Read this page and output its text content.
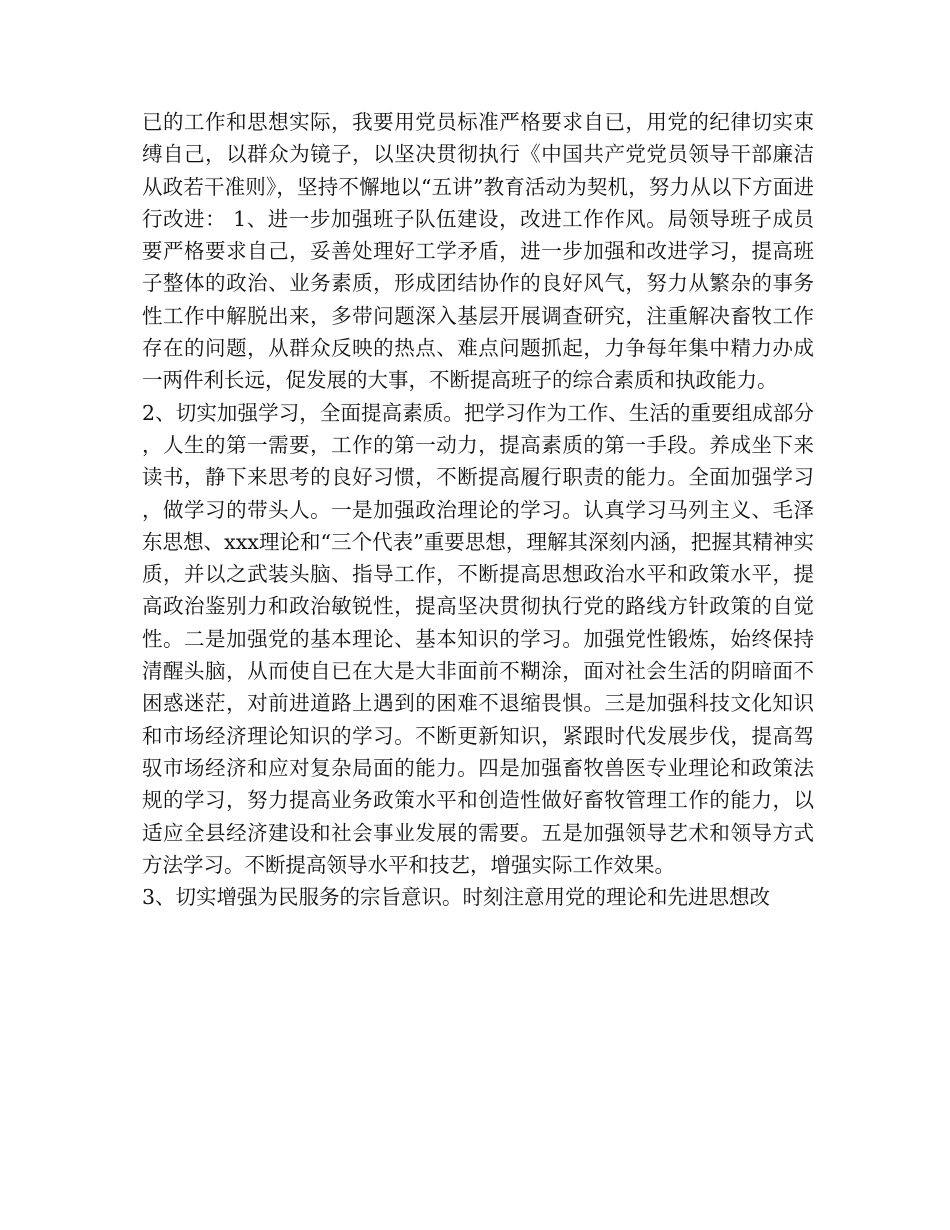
已的工作和思想实际，我要用党员标准严格要求自已，用党的纪律切实束缚自己，以群众为镜子，以坚决贯彻执行《中国共产党党员领导干部廉洁从政若干准则》，坚持不懈地以“五讲”教育活动为契机，努力从以下方面进行改进： 1、进一步加强班子队伍建设，改进工作作风。局领导班子成员要严格要求自己，妥善处理好工学矛盾，进一步加强和改进学习，提高班子整体的政治、业务素质，形成团结协作的良好风气，努力从繁杂的事务性工作中解脱出来，多带问题深入基层开展调查研究，注重解决畜牧工作存在的问题，从群众反映的热点、难点问题抓起，力争每年集中精力办成一两件利长远，促发展的大事，不断提高班子的综合素质和执政能力。

2、切实加强学习，全面提高素质。把学习作为工作、生活的重要组成部分，人生的第一需要，工作的第一动力，提高素质的第一手段。养成坐下来读书，静下来思考的良好习惯，不断提高履行职责的能力。全面加强学习，做学习的带头人。一是加强政治理论的学习。认真学习马列主义、毛泽东思想、xxx理论和“三个代表”重要思想，理解其深刻内涵，把握其精神实质，并以之武装头脑、指导工作，不断提高思想政治水平和政策水平，提高政治鉴别力和政治敏锐性，提高坚决贯彻执行党的路线方针政策的自觉性。二是加强党的基本理论、基本知识的学习。加强党性锻炼，始终保持清醒头脑，从而使自已在大是大非面前不糊涂，面对社会生活的阴暗面不困惑迷茫，对前进道路上遇到的困难不退缩畏惧。三是加强科技文化知识和市场经济理论知识的学习。不断更新知识，紧跟时代发展步伐，提高驾驭市场经济和应对复杂局面的能力。四是加强畜牧兽医专业理论和政策法规的学习，努力提高业务政策水平和创造性做好畜牧管理工作的能力，以适应全县经济建设和社会事业发展的需要。五是加强领导艺术和领导方式方法学习。不断提高领导水平和技艺，增强实际工作效果。

3、切实增强为民服务的宗旨意识。时刻注意用党的理论和先进思想改
